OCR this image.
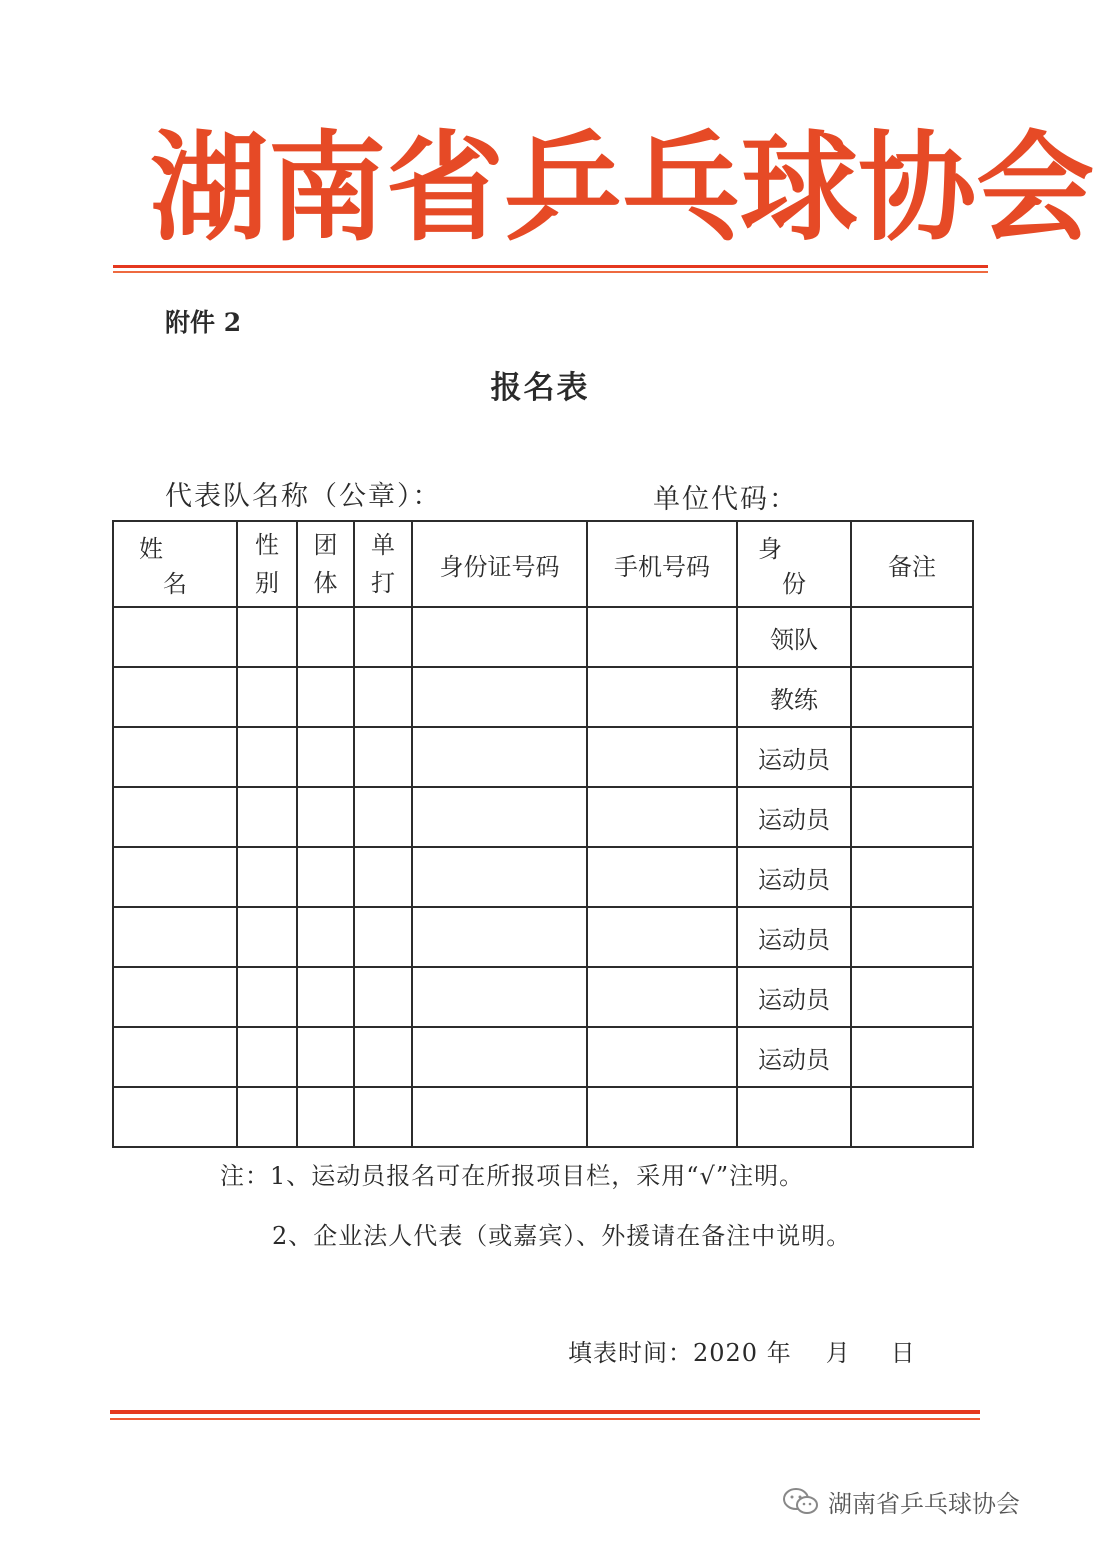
湖 南 省 乒 乓 球 协 会
附件 2
报名表
代表队名称（公章）：	单位代码：
姓名	性别	团体	单打	身份证号码	手机号码	身份	备注
						领队	
						教练	
						运动员	
						运动员	
						运动员	
						运动员	
						运动员	
						运动员	

注：1、运动员报名可在所报项目栏，采用“√”注明。
2、企业法人代表（或嘉宾）、外援请在备注中说明。
填表时间：2020 年 月 日
湖南省乒乓球协会
